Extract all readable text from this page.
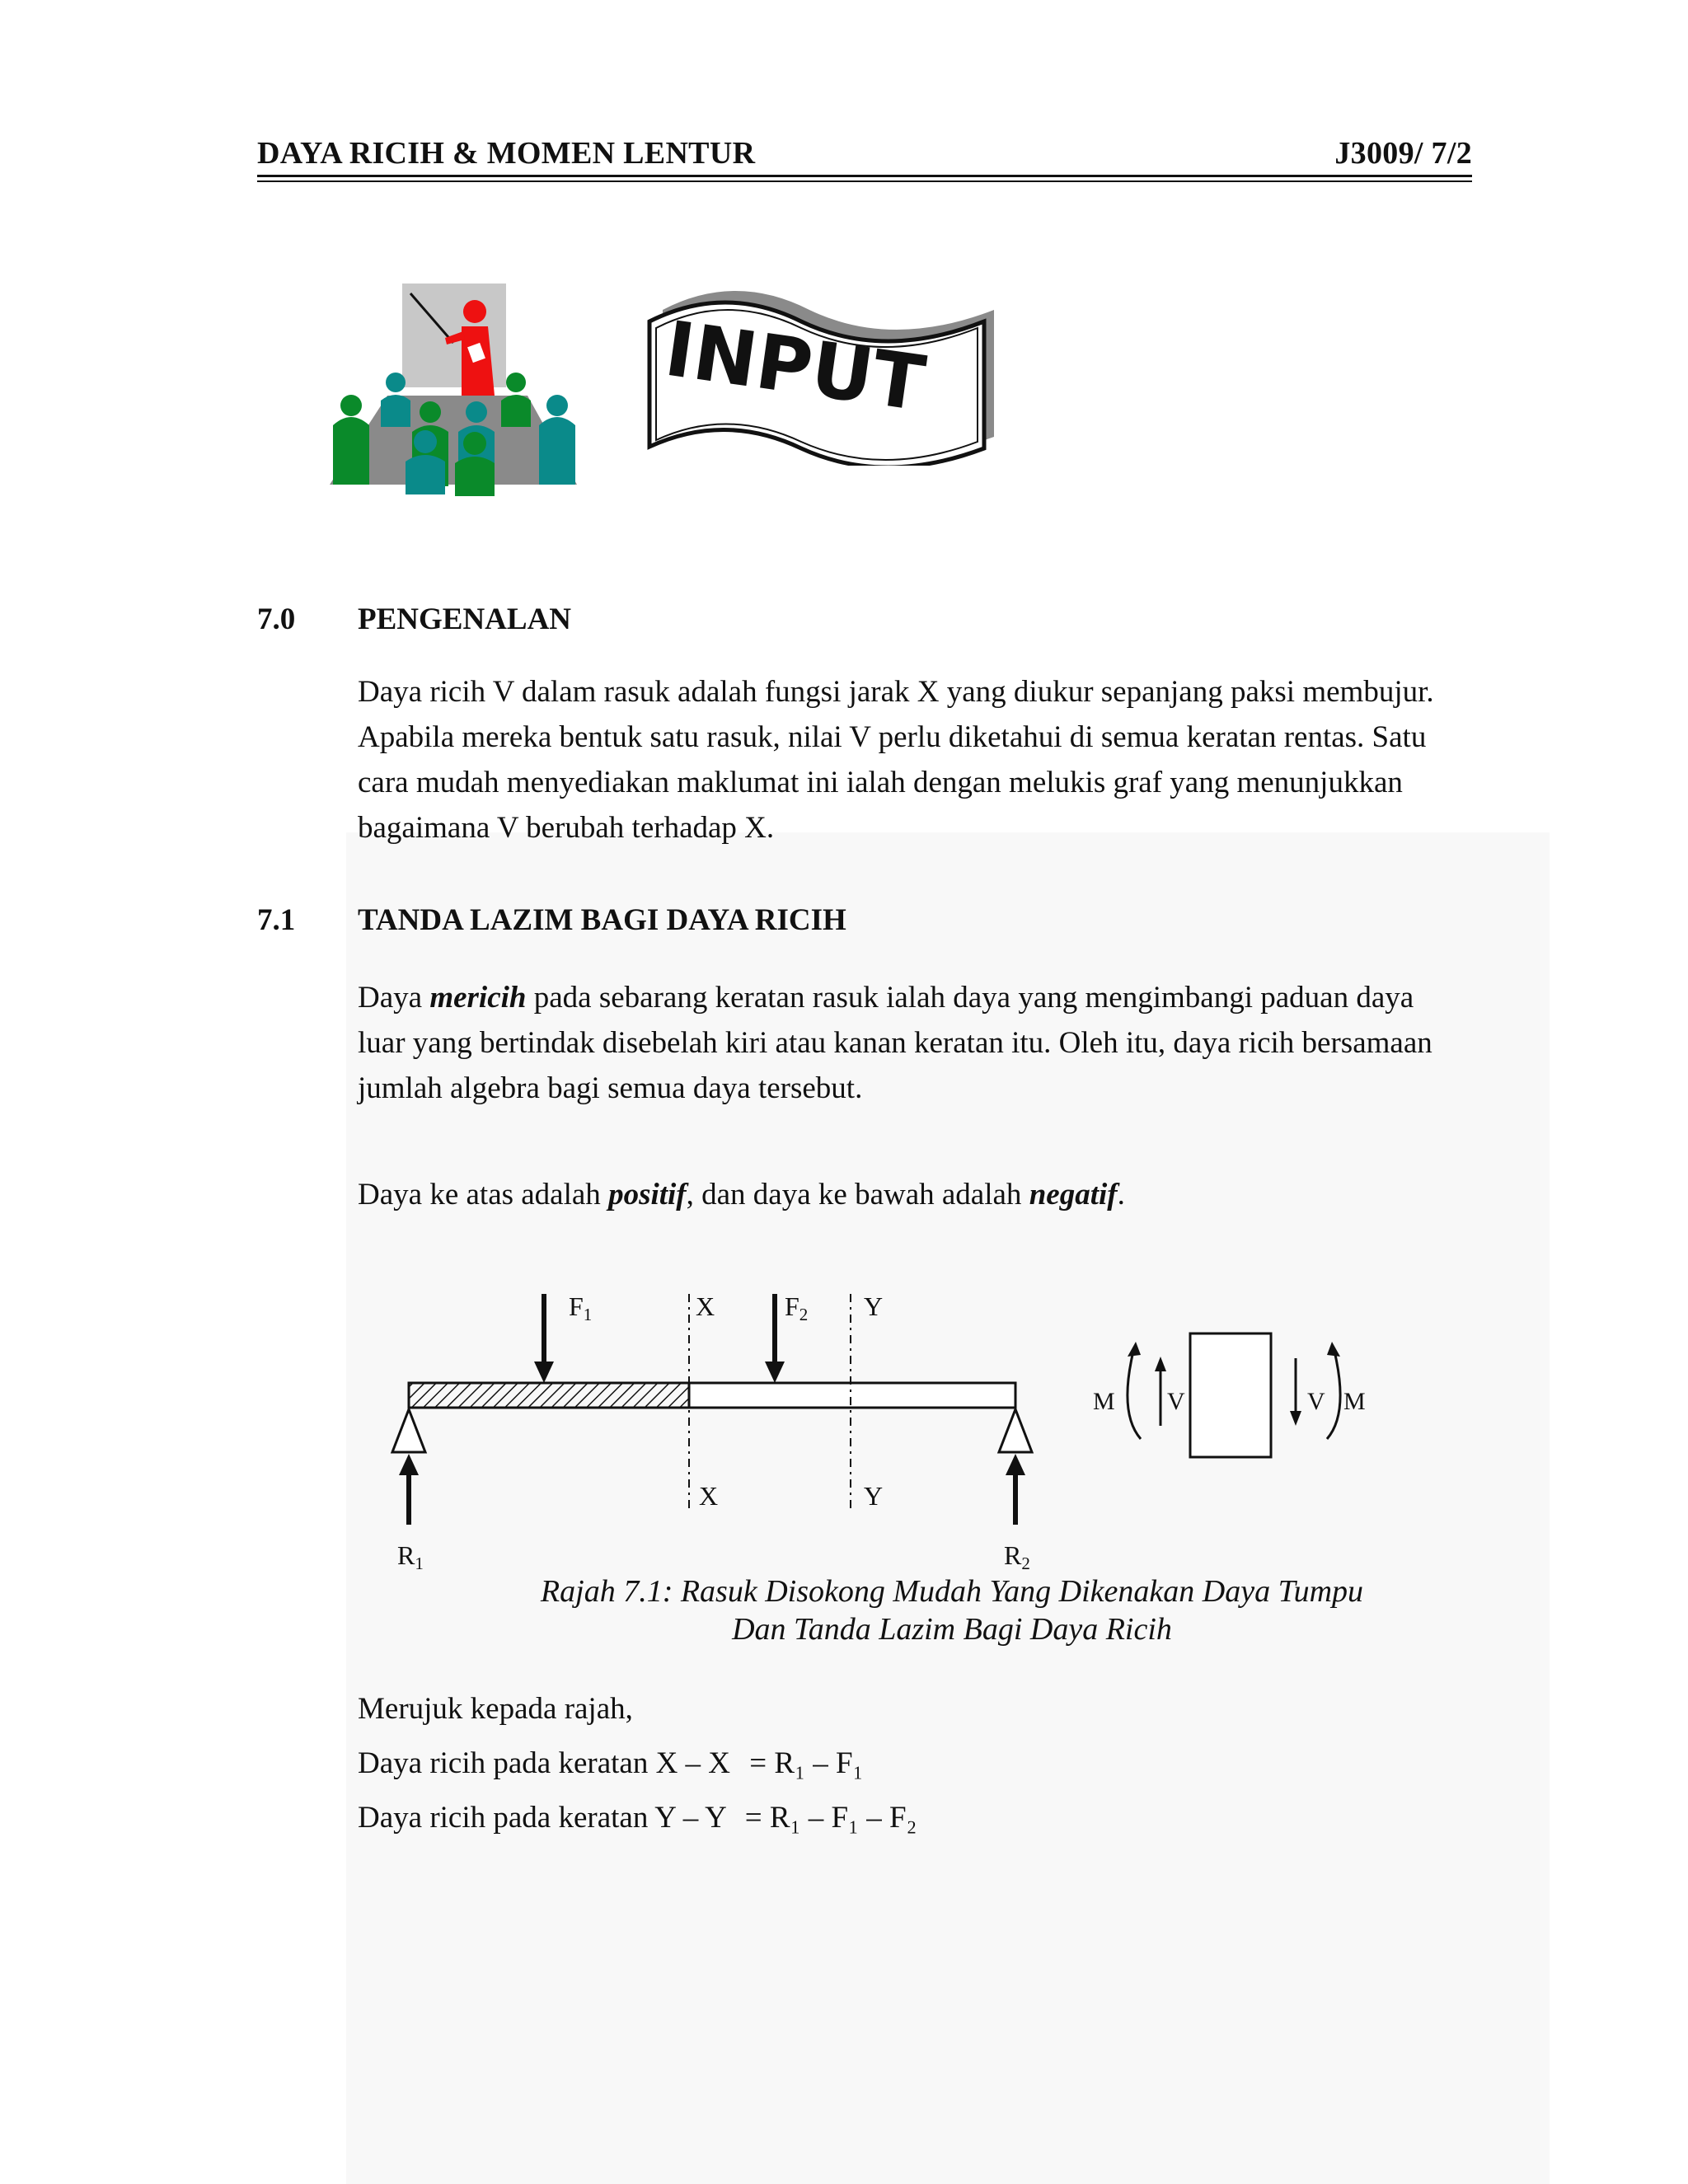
DAYA RICIH & MOMEN LENTUR	J3009/ 7/2
INPUT
7.0 PENGENALAN
Daya ricih V dalam rasuk adalah fungsi jarak X yang diukur sepanjang paksi membujur.
Apabila mereka bentuk satu rasuk, nilai V perlu diketahui di semua keratan rentas. Satu
cara mudah menyediakan maklumat ini ialah dengan melukis graf yang menunjukkan
bagaimana V berubah terhadap X.
7.1 TANDA LAZIM BAGI DAYA RICIH
Daya mericih pada sebarang keratan rasuk ialah daya yang mengimbangi paduan daya
luar yang bertindak disebelah kiri atau kanan keratan itu. Oleh itu, daya ricih bersamaan
jumlah algebra bagi semua daya tersebut.
Daya ke atas adalah positif, dan daya ke bawah adalah negatif.
F1	F2
X	Y
X	Y
R1	R2
V
M	V M
Rajah 7.1: Rasuk Disokong Mudah Yang Dikenakan Daya Tumpu
Dan Tanda Lazim Bagi Daya Ricih
Merujuk kepada rajah,
Daya ricih pada keratan X – X = R₁ – F₁
Daya ricih pada keratan Y – Y = R₁ – F₁ – F₂
